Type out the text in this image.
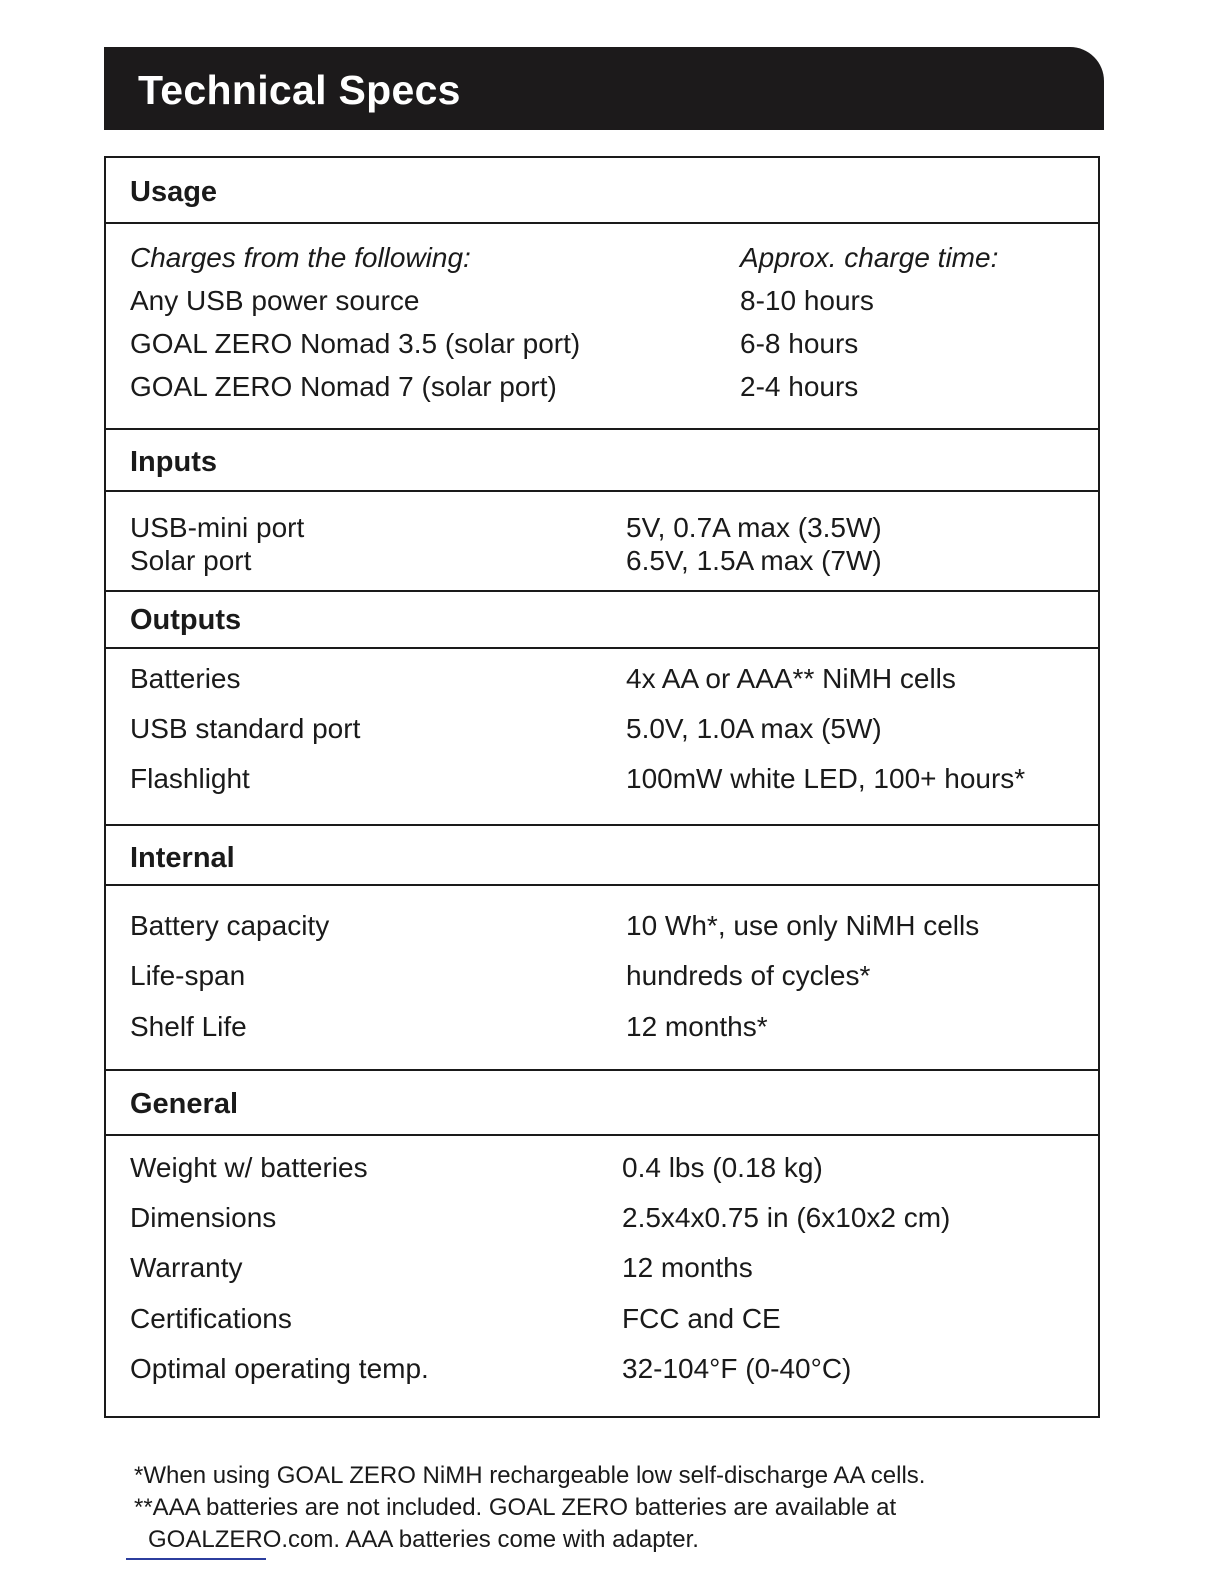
Technical Specs
Usage
Charges from the following:	Approx. charge time:
Any USB power source	8-10 hours
GOAL ZERO Nomad 3.5 (solar port)	6-8 hours
GOAL ZERO Nomad 7 (solar port)	2-4 hours
Inputs
USB-mini port	5V, 0.7A max (3.5W)
Solar port	6.5V, 1.5A max (7W)
Outputs
Batteries	4x AA or AAA** NiMH cells
USB standard port	5.0V, 1.0A max (5W)
Flashlight	100mW white LED, 100+ hours*
Internal
Battery capacity	10 Wh*, use only NiMH cells
Life-span	hundreds of cycles*
Shelf Life	12 months*
General
Weight w/ batteries	0.4 lbs (0.18 kg)
Dimensions	2.5x4x0.75 in (6x10x2 cm)
Warranty	12 months
Certifications	FCC and CE
Optimal operating temp.	32-104°F (0-40°C)
*When using GOAL ZERO NiMH rechargeable low self-discharge AA cells.
**AAA batteries are not included. GOAL ZERO batteries are available at
GOALZERO.com. AAA batteries come with adapter.
